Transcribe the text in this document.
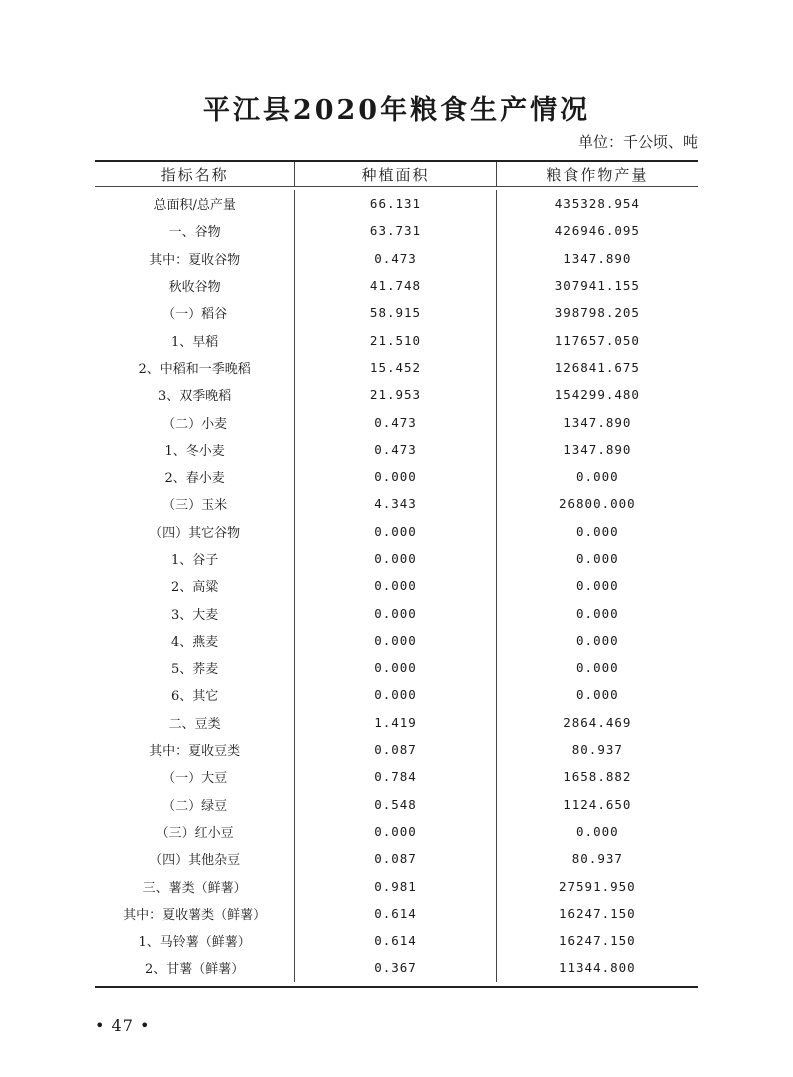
平江县2020年粮食生产情况
单位：千公顷、吨
指标名称	种植面积	粮食作物产量
总面积/总产量	66.131	435328.954
一、谷物	63.731	426946.095
其中：夏收谷物	0.473	1347.890
秋收谷物	41.748	307941.155
（一）稻谷	58.915	398798.205
1、早稻	21.510	117657.050
2、中稻和一季晚稻	15.452	126841.675
3、双季晚稻	21.953	154299.480
（二）小麦	0.473	1347.890
1、冬小麦	0.473	1347.890
2、春小麦	0.000	0.000
（三）玉米	4.343	26800.000
（四）其它谷物	0.000	0.000
1、谷子	0.000	0.000
2、高粱	0.000	0.000
3、大麦	0.000	0.000
4、燕麦	0.000	0.000
5、荞麦	0.000	0.000
6、其它	0.000	0.000
二、豆类	1.419	2864.469
其中：夏收豆类	0.087	80.937
（一）大豆	0.784	1658.882
（二）绿豆	0.548	1124.650
（三）红小豆	0.000	0.000
（四）其他杂豆	0.087	80.937
三、薯类（鲜薯）	0.981	27591.950
其中：夏收薯类（鲜薯）	0.614	16247.150
1、马铃薯（鲜薯）	0.614	16247.150
2、甘薯（鲜薯）	0.367	11344.800
• 47 •
